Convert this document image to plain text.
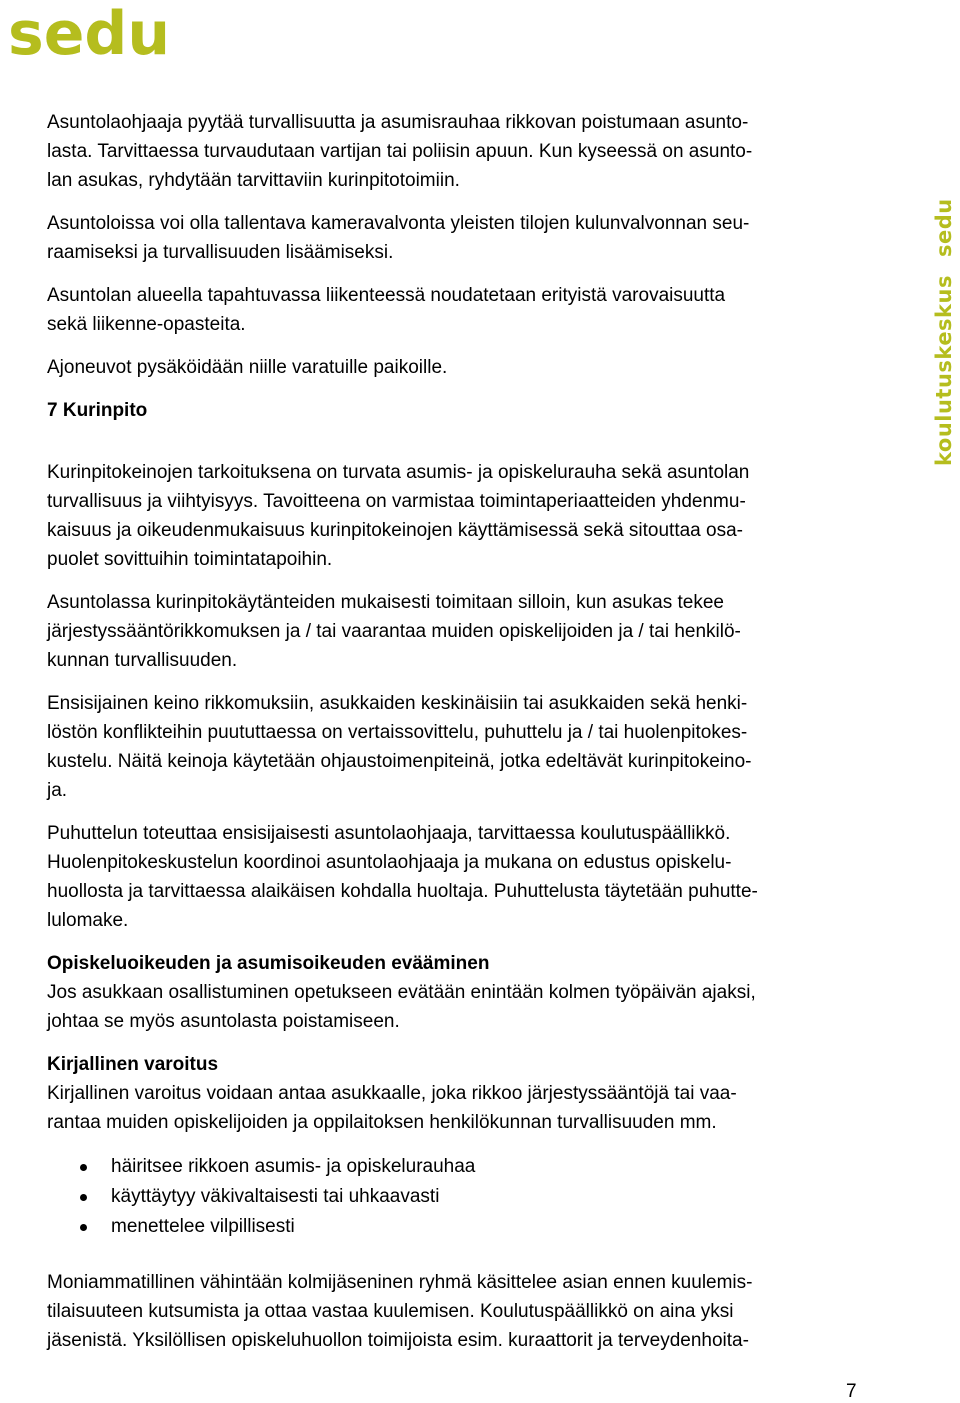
sedu
koulutuskeskussedu

Asuntolaohjaaja pyytää turvallisuutta ja asumisrauhaa rikkovan poistumaan asunto-
lasta. Tarvittaessa turvaudutaan vartijan tai poliisin apuun. Kun kyseessä on asunto-
lan asukas, ryhdytään tarvittaviin kurinpitotoimiin.

Asuntoloissa voi olla tallentava kameravalvonta yleisten tilojen kulunvalvonnan seu-
raamiseksi ja turvallisuuden lisäämiseksi.

Asuntolan alueella tapahtuvassa liikenteessä noudatetaan erityistä varovaisuutta
sekä liikenne-opasteita.

Ajoneuvot pysäköidään niille varatuille paikoille.

7 Kurinpito

Kurinpitokeinojen tarkoituksena on turvata asumis- ja opiskelurauha sekä asuntolan
turvallisuus ja viihtyisyys. Tavoitteena on varmistaa toimintaperiaatteiden yhdenmu-
kaisuus ja oikeudenmukaisuus kurinpitokeinojen käyttämisessä sekä sitouttaa osa-
puolet sovittuihin toimintatapoihin.

Asuntolassa kurinpitokäytänteiden mukaisesti toimitaan silloin, kun asukas tekee
järjestyssääntörikkomuksen ja / tai vaarantaa muiden opiskelijoiden ja / tai henkilö-
kunnan turvallisuuden.

Ensisijainen keino rikkomuksiin, asukkaiden keskinäisiin tai asukkaiden sekä henki-
löstön konflikteihin puututtaessa on vertaissovittelu, puhuttelu ja / tai huolenpitokes-
kustelu. Näitä keinoja käytetään ohjaustoimenpiteinä, jotka edeltävät kurinpitokeino-
ja.

Puhuttelun toteuttaa ensisijaisesti asuntolaohjaaja, tarvittaessa koulutuspäällikkö.
Huolenpitokeskustelun koordinoi asuntolaohjaaja ja mukana on edustus opiskelu-
huollosta ja tarvittaessa alaikäisen kohdalla huoltaja. Puhuttelusta täytetään puhutte-
lulomake.

Opiskeluoikeuden ja asumisoikeuden evääminen
Jos asukkaan osallistuminen opetukseen evätään enintään kolmen työpäivän ajaksi,
johtaa se myös asuntolasta poistamiseen.

Kirjallinen varoitus
Kirjallinen varoitus voidaan antaa asukkaalle, joka rikkoo järjestyssääntöjä tai vaa-
rantaa muiden opiskelijoiden ja oppilaitoksen henkilökunnan turvallisuuden mm.

häiritsee rikkoen asumis- ja opiskelurauhaa
käyttäytyy väkivaltaisesti tai uhkaavasti
menettelee vilpillisesti

Moniammatillinen vähintään kolmijäseninen ryhmä käsittelee asian ennen kuulemis-
tilaisuuteen kutsumista ja ottaa vastaa kuulemisen. Koulutuspäällikkö on aina yksi
jäsenistä. Yksilöllisen opiskeluhuollon toimijoista esim. kuraattorit ja terveydenhoita-

7
